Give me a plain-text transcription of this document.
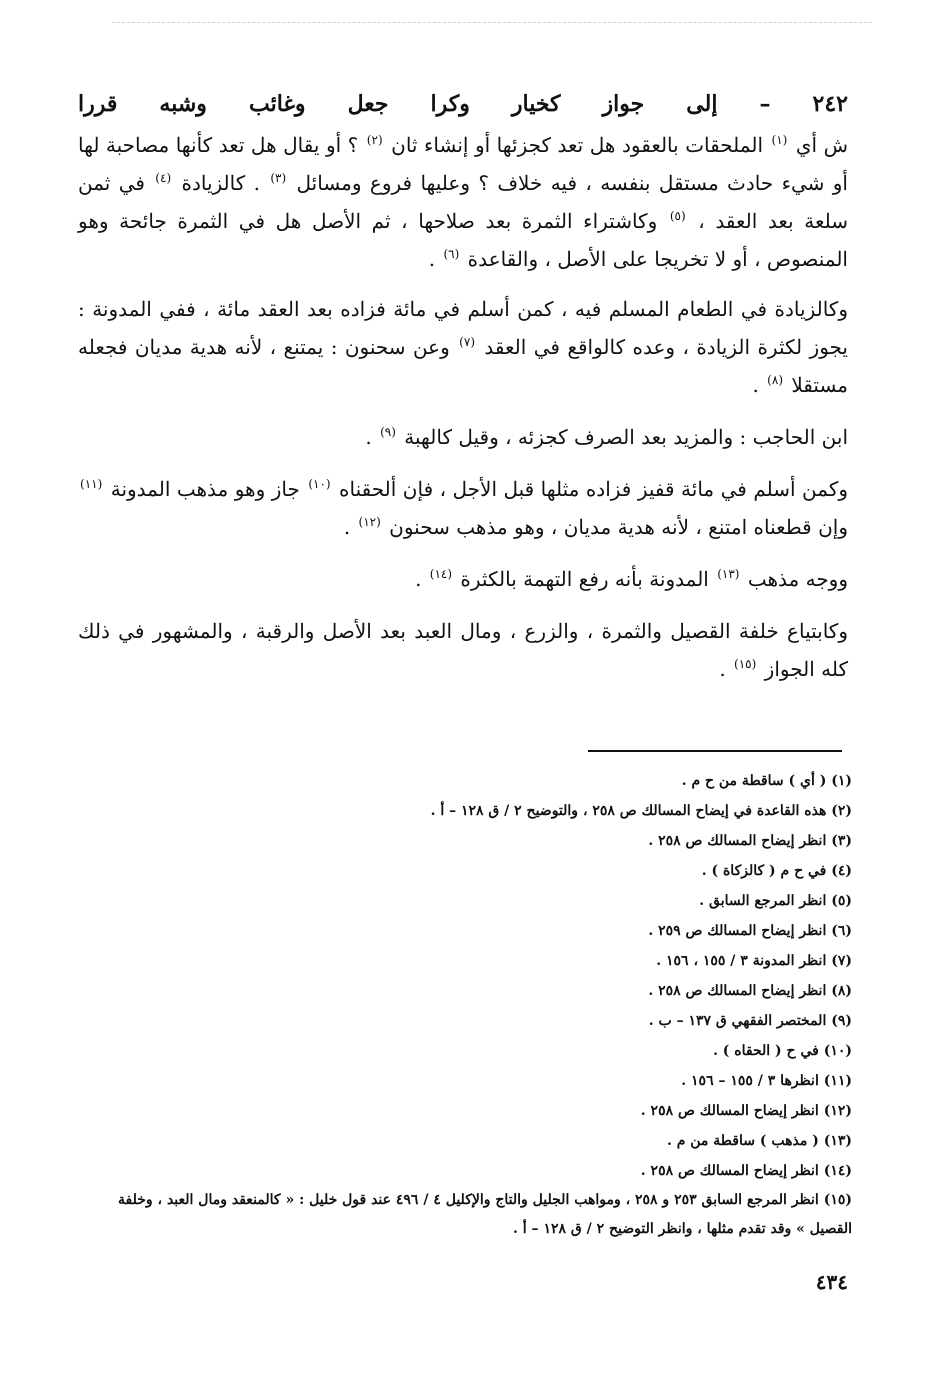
٢٤٢ – إلى جواز كخيار وكرا جعل وغائب وشبه قررا

ش أي $^{(١)}$ الملحقات بالعقود هل تعد كجزئها أو إنشاء ثان $^{(٢)}$ ؟ أو يقال هل تعد كأنها مصاحبة لها أو شيء حادث مستقل بنفسه ، فيه خلاف ؟ وعليها فروع ومسائل $^{(٣)}$ . كالزيادة $^{(٤)}$ في ثمن سلعة بعد العقد ، $^{(٥)}$ وكاشتراء الثمرة بعد صلاحها ، ثم الأصل هل في الثمرة جائحة وهو المنصوص ، أو لا تخريجا على الأصل ، والقاعدة $^{(٦)}$ .

وكالزيادة في الطعام المسلم فيه ، كمن أسلم في مائة فزاده بعد العقد مائة ، ففي المدونة : يجوز لكثرة الزيادة ، وعده كالواقع في العقد $^{(٧)}$ وعن سحنون : يمتنع ، لأنه هدية مديان فجعله مستقلا $^{(٨)}$ .

ابن الحاجب : والمزيد بعد الصرف كجزئه ، وقيل كالهبة $^{(٩)}$ .

وكمن أسلم في مائة قفيز فزاده مثلها قبل الأجل ، فإن ألحقناه $^{(١٠)}$ جاز وهو مذهب المدونة $^{(١١)}$ وإن قطعناه امتنع ، لأنه هدية مديان ، وهو مذهب سحنون $^{(١٢)}$ .

ووجه مذهب $^{(١٣)}$ المدونة بأنه رفع التهمة بالكثرة $^{(١٤)}$ .

وكابتياع خلفة القصيل والثمرة ، والزرع ، ومال العبد بعد الأصل والرقبة ، والمشهور في ذلك كله الجواز $^{(١٥)}$ .

(١) ( أي ) ساقطة من ح م .

(٢) هذه القاعدة في إيضاح المسالك ص ٢٥٨ ، والتوضيح ٢ / ق ١٢٨ – أ .

(٣) انظر إيضاح المسالك ص ٢٥٨ .

(٤) في ح م ( كالزكاة ) .

(٥) انظر المرجع السابق .

(٦) انظر إيضاح المسالك ص ٢٥٩ .

(٧) انظر المدونة ٣ / ١٥٥ ، ١٥٦ .

(٨) انظر إيضاح المسالك ص ٢٥٨ .

(٩) المختصر الفقهي ق ١٣٧ – ب .

(١٠) في ح ( الحقاه ) .

(١١) انظرها ٣ / ١٥٥ – ١٥٦ .

(١٢) انظر إيضاح المسالك ص ٢٥٨ .

(١٣) ( مذهب ) ساقطة من م .

(١٤) انظر إيضاح المسالك ص ٢٥٨ .

(١٥) انظر المرجع السابق ٢٥٣ و ٢٥٨ ، ومواهب الجليل والتاج والإكليل ٤ / ٤٩٦ عند قول خليل : « كالمنعقد ومال العبد ، وخلفة القصيل » وقد تقدم مثلها ، وانظر التوضيح ٢ / ق ١٢٨ – أ .

٤٣٤
